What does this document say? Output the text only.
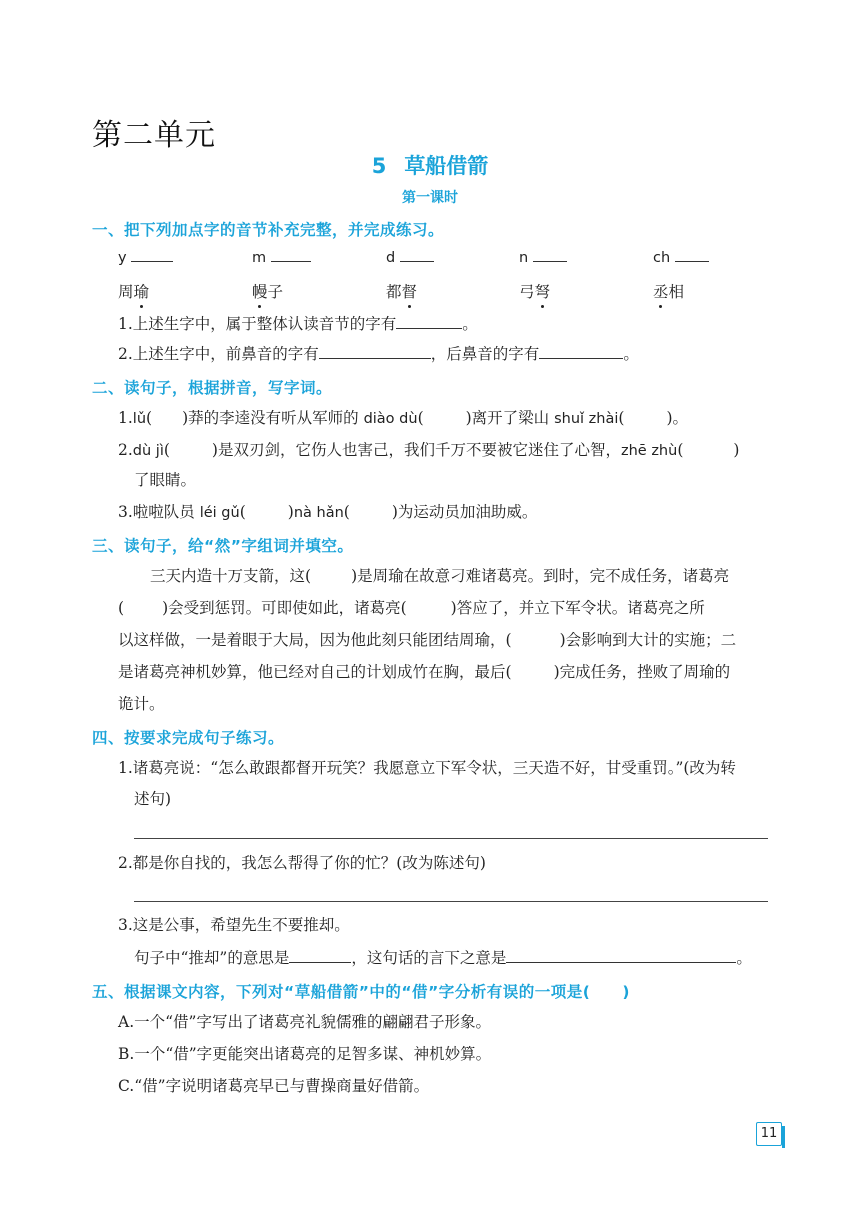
第二单元
5 草船借箭
第一课时
一、把下列加点字的音节补充完整，并完成练习。
y	m	d	n	ch
周瑜	幔子	都督	弓弩	丞相
1.上述生字中，属于整体认读音节的字有	。
2.上述生字中，前鼻音的字有	，后鼻音的字有	。
二、读句子，根据拼音，写字词。
1.lǔ( )莽的李逵没有听从军师的 diào dù(	)离开了梁山 shuǐ zhài(	)。
2.dù jì(	)是双刃剑，它伤人也害己，我们千万不要被它迷住了心智，zhē zhù(	)
了眼睛。
3.啦啦队员 léi gǔ(	)nà hǎn(	)为运动员加油助威。
三、读句子，给“然”字组词并填空。
三天内造十万支箭，这(	)是周瑜在故意刁难诸葛亮。到时，完不成任务，诸葛亮
( )会受到惩罚。可即使如此，诸葛亮(	)答应了，并立下军令状。诸葛亮之所
以这样做，一是着眼于大局，因为他此刻只能团结周瑜，(	)会影响到大计的实施；二
是诸葛亮神机妙算，他已经对自己的计划成竹在胸，最后(	)完成任务，挫败了周瑜的
诡计。
四、按要求完成句子练习。
1.诸葛亮说：“怎么敢跟都督开玩笑？我愿意立下军令状，三天造不好，甘受重罚。”(改为转
述句)
2.都是你自找的，我怎么帮得了你的忙？(改为陈述句)
3.这是公事，希望先生不要推却。
句子中“推却”的意思是	，这句话的言下之意是	。
五、根据课文内容，下列对“草船借箭”中的“借”字分析有误的一项是(　　)
A.一个“借”字写出了诸葛亮礼貌儒雅的翩翩君子形象。
B.一个“借”字更能突出诸葛亮的足智多谋、神机妙算。
C.“借”字说明诸葛亮早已与曹操商量好借箭。
11
